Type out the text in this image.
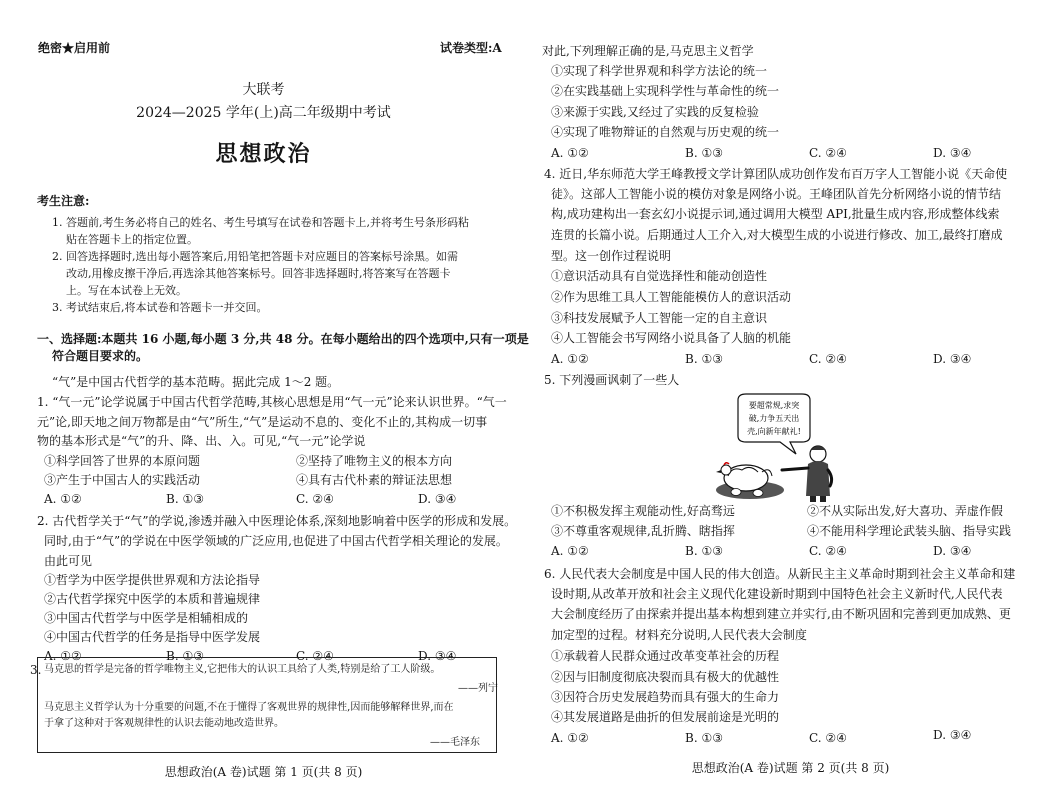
绝密★启用前	试卷类型:A
大联考
2024—2025 学年(上)高二年级期中考试
思想政治
考生注意:
1. 答题前,考生务必将自己的姓名、考生号填写在试卷和答题卡上,并将考生号条形码粘
贴在答题卡上的指定位置。
2. 回答选择题时,选出每小题答案后,用铅笔把答题卡对应题目的答案标号涂黑。如需
改动,用橡皮擦干净后,再选涂其他答案标号。回答非选择题时,将答案写在答题卡
上。写在本试卷上无效。
3. 考试结束后,将本试卷和答题卡一并交回。
一、选择题:本题共 16 小题,每小题 3 分,共 48 分。在每小题给出的四个选项中,只有一项是
符合题目要求的。
“气”是中国古代哲学的基本范畴。据此完成 1～2 题。
1. “气一元”论学说属于中国古代哲学范畴,其核心思想是用“气一元”论来认识世界。“气一
元”论,即天地之间万物都是由“气”所生,“气”是运动不息的、变化不止的,其构成一切事
物的基本形式是“气”的升、降、出、入。可见,“气一元”论学说
①科学回答了世界的本原问题	②坚持了唯物主义的根本方向
③产生于中国古人的实践活动	④具有古代朴素的辩证法思想
A. ①②	B. ①③	C. ②④	D. ③④
2. 古代哲学关于“气”的学说,渗透并融入中医理论体系,深刻地影响着中医学的形成和发展。
同时,由于“气”的学说在中医学领域的广泛应用,也促进了中国古代哲学相关理论的发展。
由此可见
①哲学为中医学提供世界观和方法论指导
②古代哲学探究中医学的本质和普遍规律
③中国古代哲学与中医学是相辅相成的
④中国古代哲学的任务是指导中医学发展
A. ①②	B. ①③	C. ②④	D. ③④
3. 马克思的哲学是完备的哲学唯物主义,它把伟大的认识工具给了人类,特别是给了工人阶级。
——列宁
马克思主义哲学认为十分重要的问题,不在于懂得了客观世界的规律性,因而能够解释世界,而在
于拿了这种对于客观规律性的认识去能动地改造世界。
——毛泽东
思想政治(A 卷)试题 第 1 页(共 8 页)
对此,下列理解正确的是,马克思主义哲学
①实现了科学世界观和科学方法论的统一
②在实践基础上实现科学性与革命性的统一
③来源于实践,又经过了实践的反复检验
④实现了唯物辩证的自然观与历史观的统一
A. ①②	B. ①③	C. ②④	D. ③④
4. 近日,华东师范大学王峰教授文学计算团队成功创作发布百万字人工智能小说《天命使
徒》。这部人工智能小说的模仿对象是网络小说。王峰团队首先分析网络小说的情节结
构,成功建构出一套玄幻小说提示词,通过调用大模型 API,批量生成内容,形成整体线索
连贯的长篇小说。后期通过人工介入,对大模型生成的小说进行修改、加工,最终打磨成
型。这一创作过程说明
①意识活动具有自觉选择性和能动创造性
②作为思维工具人工智能能模仿人的意识活动
③科技发展赋予人工智能一定的自主意识
④人工智能会书写网络小说具备了人脑的机能
A. ①②	B. ①③	C. ②④	D. ③④
5. 下列漫画讽刺了一些人
①不积极发挥主观能动性,好高骛远	②不从实际出发,好大喜功、弄虚作假
③不尊重客观规律,乱折腾、瞎指挥	④不能用科学理论武装头脑、指导实践
A. ①②	B. ①③	C. ②④	D. ③④
6. 人民代表大会制度是中国人民的伟大创造。从新民主主义革命时期到社会主义革命和建
设时期,从改革开放和社会主义现代化建设新时期到中国特色社会主义新时代,人民代表
大会制度经历了由探索并提出基本构想到建立并实行,由不断巩固和完善到更加成熟、更
加定型的过程。材料充分说明,人民代表大会制度
①承载着人民群众通过改革变革社会的历程
②因与旧制度彻底决裂而具有极大的优越性
③因符合历史发展趋势而具有强大的生命力
④其发展道路是曲折的但发展前途是光明的
A. ①②	B. ①③	C. ②④	D. ③④
思想政治(A 卷)试题 第 2 页(共 8 页)
要超常规,求突
破,力争五天出
壳,向新年献礼!
